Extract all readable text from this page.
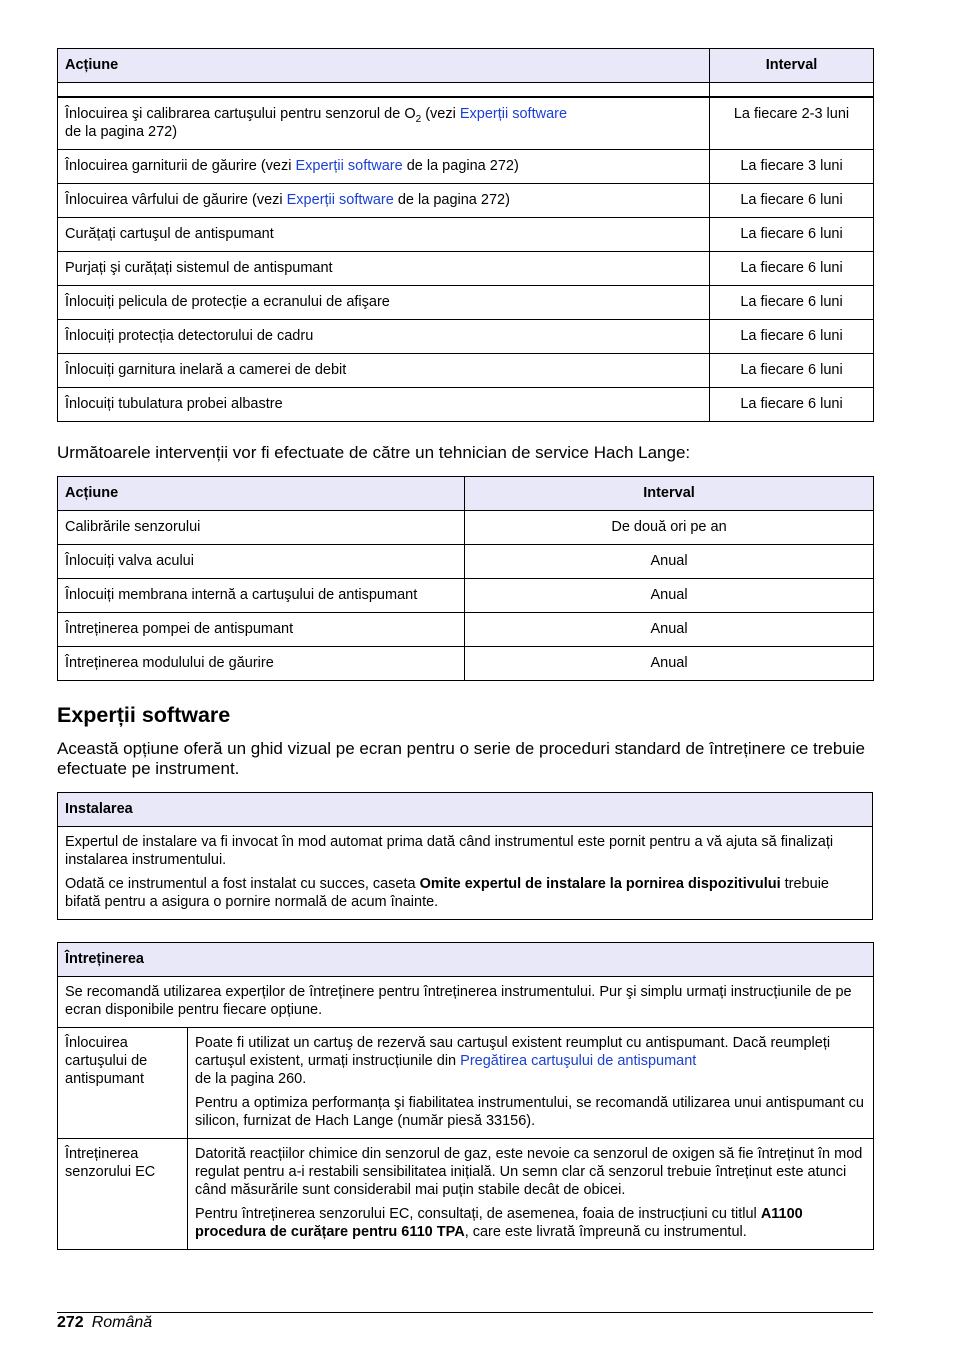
Acțiune	Interval

Înlocuirea şi calibrarea cartuşului pentru senzorul de $O_2$ (vezi Experții software
de la pagina 272)	La fiecare 2-3 luni
Înlocuirea garniturii de găurire (vezi Experții software de la pagina 272)	La fiecare 3 luni
Înlocuirea vârfului de găurire (vezi Experții software de la pagina 272)	La fiecare 6 luni
Curățați cartuşul de antispumant	La fiecare 6 luni
Purjați şi curățați sistemul de antispumant	La fiecare 6 luni
Înlocuiți pelicula de protecție a ecranului de afişare	La fiecare 6 luni
Înlocuiți protecția detectorului de cadru	La fiecare 6 luni
Înlocuiți garnitura inelară a camerei de debit	La fiecare 6 luni
Înlocuiți tubulatura probei albastre	La fiecare 6 luni

Următoarele intervenții vor fi efectuate de către un tehnician de service Hach Lange:

Acțiune	Interval
Calibrările senzorului	De două ori pe an
Înlocuiți valva acului	Anual
Înlocuiți membrana internă a cartuşului de antispumant	Anual
Întreținerea pompei de antispumant	Anual
Întreținerea modulului de găurire	Anual
Experții software

Această opțiune oferă un ghid vizual pe ecran pentru o serie de proceduri standard de întreținere ce trebuie efectuate pe instrument.

Instalarea

Expertul de instalare va fi invocat în mod automat prima dată când instrumentul este pornit pentru a vă ajuta să finalizați instalarea instrumentului.

Odată ce instrumentul a fost instalat cu succes, caseta Omite expertul de instalare la pornirea dispozitivului trebuie bifată pentru a asigura o pornire normală de acum înainte.

Întreținerea	
Se recomandă utilizarea experților de întreținere pentru întreținerea instrumentului. Pur şi simplu urmați instrucțiunile de pe ecran disponibile pentru fiecare opțiune.	
Înlocuirea cartuşului de antispumant	Poate fi utilizat un cartuş de rezervă sau cartuşul existent reumplut cu antispumant. Dacă reumpleți cartuşul existent, urmați instrucțiunile din Pregătirea cartuşului de antispumant
de la pagina 260.

Pentru a optimiza performanța şi fiabilitatea instrumentului, se recomandă utilizarea unui antispumant cu silicon, furnizat de Hach Lange (număr piesă 33156).

Întreținerea senzorului EC	Datorită reacțiilor chimice din senzorul de gaz, este nevoie ca senzorul de oxigen să fie întreținut în mod regulat pentru a-i restabili sensibilitatea inițială. Un semn clar că senzorul trebuie întreținut este atunci când măsurările sunt considerabil mai puțin stabile decât de obicei.

Pentru întreținerea senzorului EC, consultați, de asemenea, foaia de instrucțiuni cu titlul A1100 procedura de curățare pentru 6110 TPA, care este livrată împreună cu instrumentul.

272 Română
